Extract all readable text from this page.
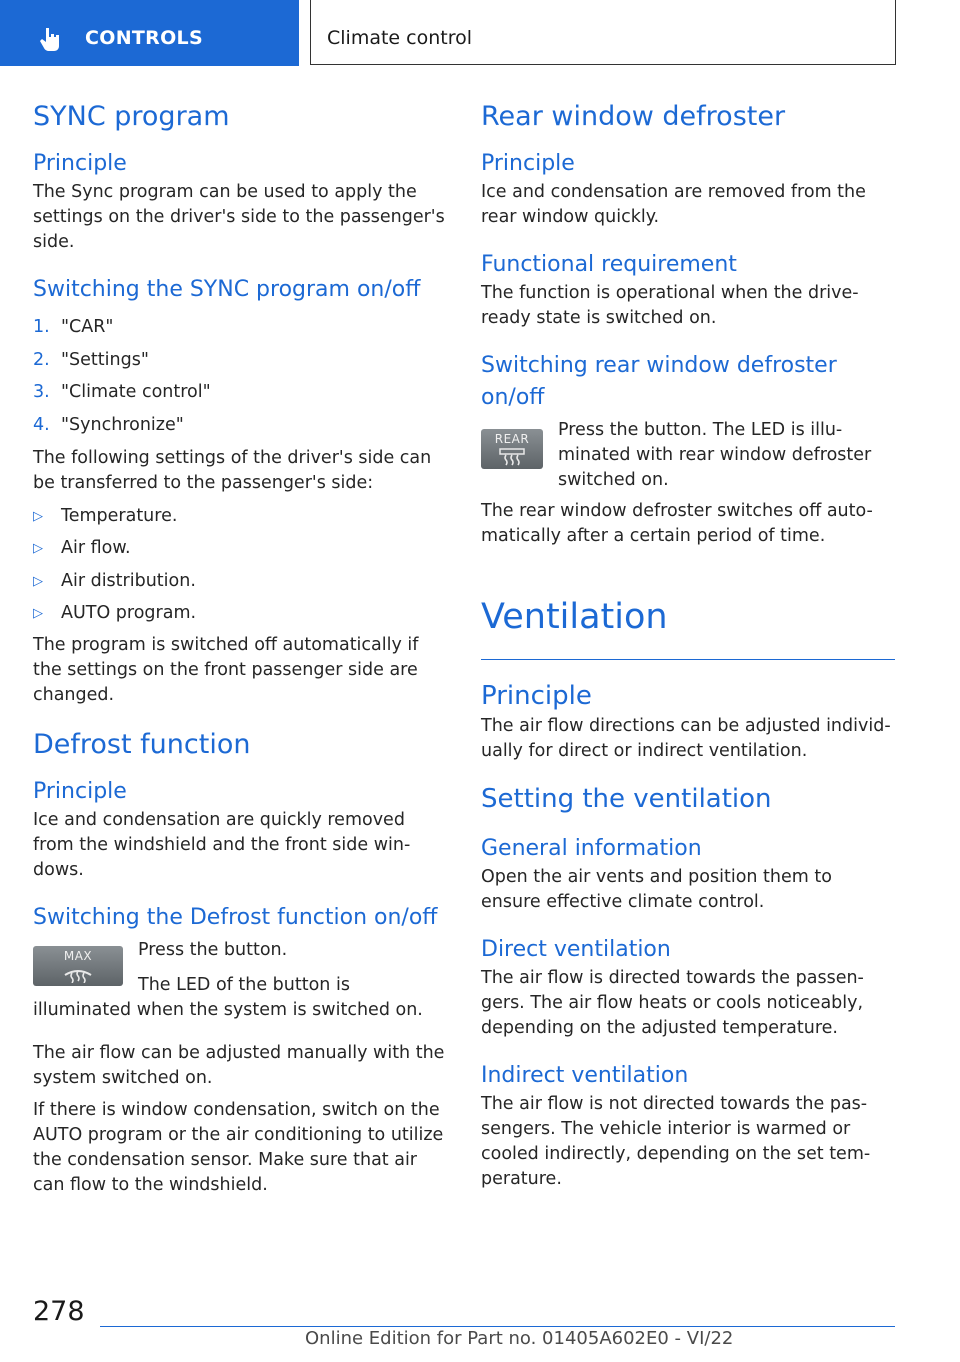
CONTROLS	Climate control
SYNC program
Principle

The Sync program can be used to apply the settings on the driver's side to the passenger's side.

Switching the SYNC program on/off
1. "CAR"
2. "Settings"
3. "Climate control"
4. "Synchronize"

The following settings of the driver's side can be transferred to the passenger's side:

▷	Temperature.
▷	Air flow.
▷	Air distribution.
▷	AUTO program.

The program is switched off automatically if the settings on the front passenger side are changed.

Defrost function
Principle

Ice and condensation are quickly removed from the windshield and the front side win-dows.

Switching the Defrost function on/off
MAX	Press the button.

The LED of the button is illuminated when the system is switched on.

The air flow can be adjusted manually with the system switched on.

If there is window condensation, switch on the AUTO program or the air conditioning to utilize the condensation sensor. Make sure that air can flow to the windshield.

Rear window defroster
Principle

Ice and condensation are removed from the rear window quickly.

Functional requirement

The function is operational when the drive-ready state is switched on.

Switching rear window defroster on/off
REAR	Press the button. The LED is illu-minated with rear window defroster switched on.

The rear window defroster switches off auto-matically after a certain period of time.

Ventilation
Principle

The air flow directions can be adjusted individ-ually for direct or indirect ventilation.

Setting the ventilation
General information

Open the air vents and position them to ensure effective climate control.

Direct ventilation

The air flow is directed towards the passen-gers. The air flow heats or cools noticeably, depending on the adjusted temperature.

Indirect ventilation

The air flow is not directed towards the pas-sengers. The vehicle interior is warmed or cooled indirectly, depending on the set tem-perature.

278
Online Edition for Part no. 01405A602E0 - VI/22
